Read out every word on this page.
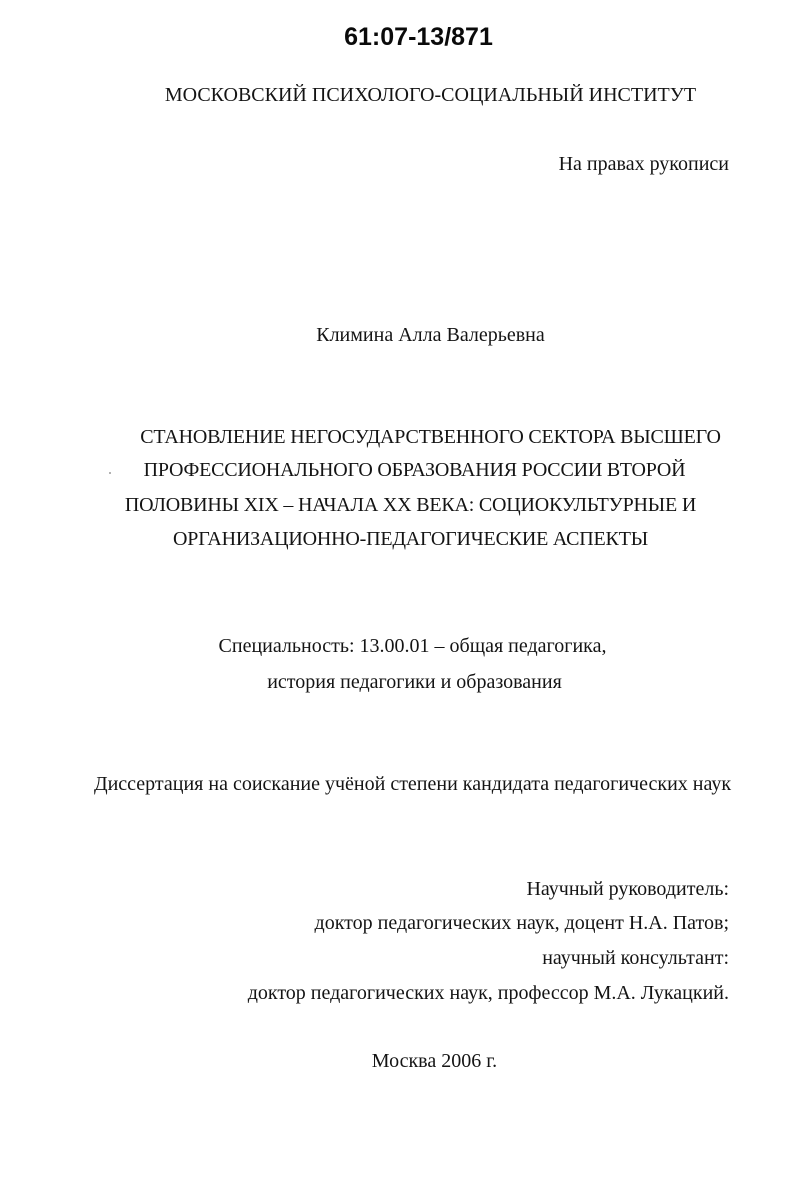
61:07-13/871
МОСКОВСКИЙ ПСИХОЛОГО-СОЦИАЛЬНЫЙ ИНСТИТУТ
На правах рукописи
Климина Алла Валерьевна
СТАНОВЛЕНИЕ НЕГОСУДАРСТВЕННОГО СЕКТОРА ВЫСШЕГО
ПРОФЕССИОНАЛЬНОГО ОБРАЗОВАНИЯ РОССИИ ВТОРОЙ
ПОЛОВИНЫ XIX – НАЧАЛА XX ВЕКА: СОЦИОКУЛЬТУРНЫЕ И
ОРГАНИЗАЦИОННО-ПЕДАГОГИЧЕСКИЕ АСПЕКТЫ
Специальность: 13.00.01 – общая педагогика,
история педагогики и образования
Диссертация на соискание учёной степени кандидата педагогических наук
Научный руководитель:
доктор педагогических наук, доцент Н.А. Патов;
научный консультант:
доктор педагогических наук, профессор М.А. Лукацкий.
Москва 2006 г.
